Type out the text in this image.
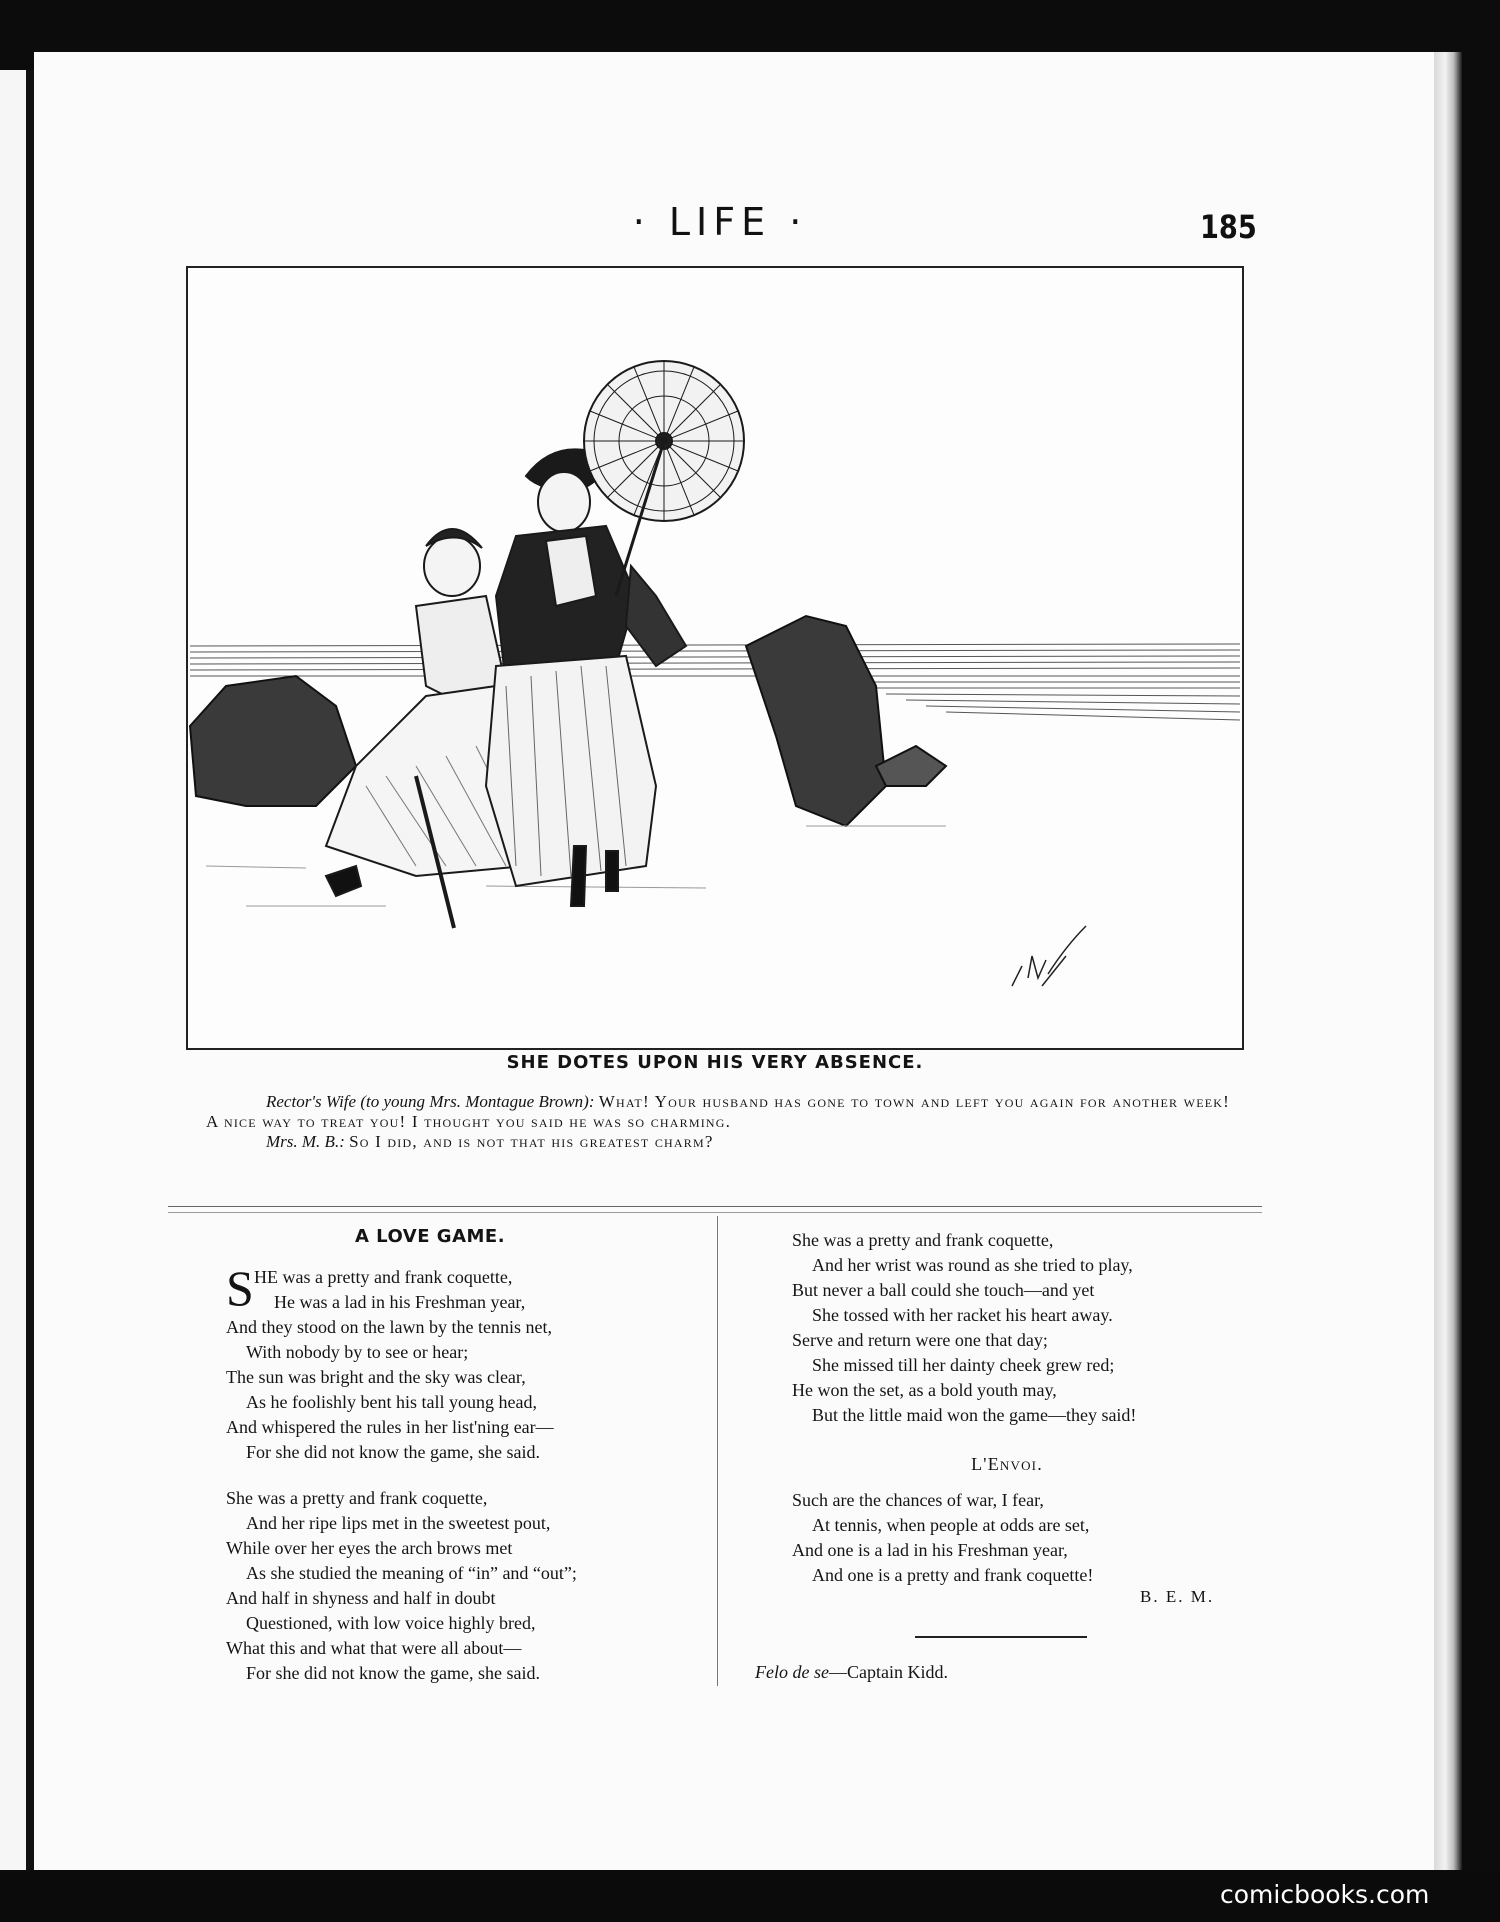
· LIFE ·	185
SHE DOTES UPON HIS VERY ABSENCE.

Rector's Wife (to young Mrs. Montague Brown): What! Your husband has gone to town and left you again for another week! A nice way to treat you! I thought you said he was so charming.

Mrs. M. B.: So I did, and is not that his greatest charm?

A LOVE GAME.
S HE was a pretty and frank coquette,
He was a lad in his Freshman year,
And they stood on the lawn by the tennis net,
With nobody by to see or hear;
The sun was bright and the sky was clear,
As he foolishly bent his tall young head,
And whispered the rules in her list'ning ear—
For she did not know the game, she said.
She was a pretty and frank coquette,
And her ripe lips met in the sweetest pout,
While over her eyes the arch brows met
As she studied the meaning of “in” and “out”;
And half in shyness and half in doubt
Questioned, with low voice highly bred,
What this and what that were all about—
For she did not know the game, she said.
She was a pretty and frank coquette,
And her wrist was round as she tried to play,
But never a ball could she touch—and yet
She tossed with her racket his heart away.
Serve and return were one that day;
She missed till her dainty cheek grew red;
He won the set, as a bold youth may,
But the little maid won the game—they said!
L'Envoi.
Such are the chances of war, I fear,
At tennis, when people at odds are set,
And one is a lad in his Freshman year,
And one is a pretty and frank coquette!
B. E. M.
Felo de se—Captain Kidd.
comicbooks.com
